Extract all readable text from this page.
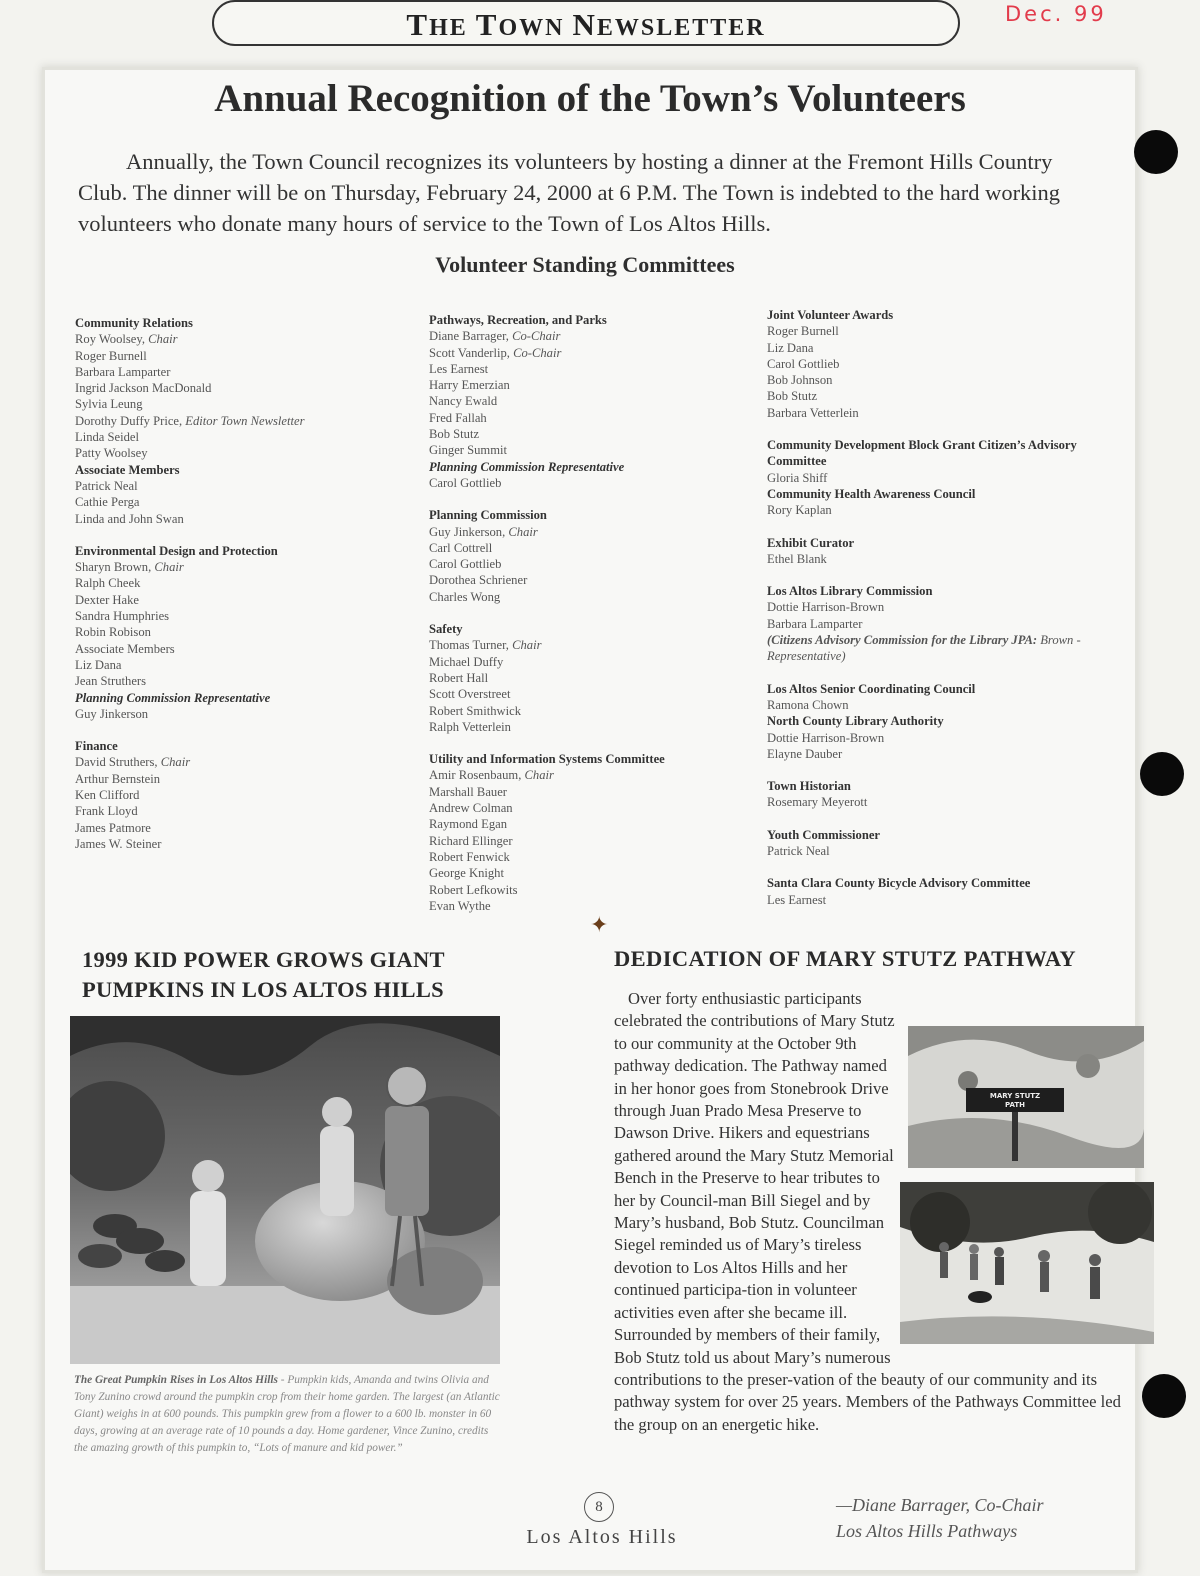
THE TOWN NEWSLETTER
Dec. 99
Annual Recognition of the Town’s Volunteers

Annually, the Town Council recognizes its volunteers by hosting a dinner at the Fremont Hills Country Club. The dinner will be on Thursday, February 24, 2000 at 6 P.M. The Town is indebted to the hard working volunteers who donate many hours of service to the Town of Los Altos Hills.

Volunteer Standing Committees
Community Relations
Roy Woolsey, Chair
Roger Burnell
Barbara Lamparter
Ingrid Jackson MacDonald
Sylvia Leung
Dorothy Duffy Price, Editor Town Newsletter
Linda Seidel
Patty Woolsey
Associate Members
Patrick Neal
Cathie Perga
Linda and John Swan
Environmental Design and Protection
Sharyn Brown, Chair
Ralph Cheek
Dexter Hake
Sandra Humphries
Robin Robison
Associate Members
Liz Dana
Jean Struthers
Planning Commission Representative
Guy Jinkerson
Finance
David Struthers, Chair
Arthur Bernstein
Ken Clifford
Frank Lloyd
James Patmore
James W. Steiner
Pathways, Recreation, and Parks
Diane Barrager, Co-Chair
Scott Vanderlip, Co-Chair
Les Earnest
Harry Emerzian
Nancy Ewald
Fred Fallah
Bob Stutz
Ginger Summit
Planning Commission Representative
Carol Gottlieb
Planning Commission
Guy Jinkerson, Chair
Carl Cottrell
Carol Gottlieb
Dorothea Schriener
Charles Wong
Safety
Thomas Turner, Chair
Michael Duffy
Robert Hall
Scott Overstreet
Robert Smithwick
Ralph Vetterlein
Utility and Information Systems Committee
Amir Rosenbaum, Chair
Marshall Bauer
Andrew Colman
Raymond Egan
Richard Ellinger
Robert Fenwick
George Knight
Robert Lefkowits
Evan Wythe
Joint Volunteer Awards
Roger Burnell
Liz Dana
Carol Gottlieb
Bob Johnson
Bob Stutz
Barbara Vetterlein
Community Development Block Grant Citizen’s Advisory
Committee
Gloria Shiff
Community Health Awareness Council
Rory Kaplan
Exhibit Curator
Ethel Blank
Los Altos Library Commission
Dottie Harrison-Brown
Barbara Lamparter
(Citizens Advisory Commission for the Library JPA: Brown - Representative)
Los Altos Senior Coordinating Council
Ramona Chown
North County Library Authority
Dottie Harrison-Brown
Elayne Dauber
Town Historian
Rosemary Meyerott
Youth Commissioner
Patrick Neal
Santa Clara County Bicycle Advisory Committee
Les Earnest
✦
1999 KID POWER GROWS GIANT PUMPKINS IN LOS ALTOS HILLS
The Great Pumpkin Rises in Los Altos Hills - Pumpkin kids, Amanda and twins Olivia and Tony Zunino crowd around the pumpkin crop from their home garden. The largest (an Atlantic Giant) weighs in at 600 pounds. This pumpkin grew from a flower to a 600 lb. monster in 60 days, growing at an average rate of 10 pounds a day. Home gardener, Vince Zunino, credits the amazing growth of this pumpkin to, “Lots of manure and kid power.”
DEDICATION OF MARY STUTZ PATHWAY
MARY STUTZ
PATH

Over forty enthusiastic participants celebrated the contributions of Mary Stutz to our community at the October 9th pathway dedication. The Pathway named in her honor goes from Stonebrook Drive through Juan Prado Mesa Preserve to Dawson Drive. Hikers and equestrians gathered around the Mary Stutz Memorial Bench in the Preserve to hear tributes to her by Council-man Bill Siegel and by Mary’s husband, Bob Stutz. Councilman Siegel reminded us of Mary’s tireless devotion to Los Altos Hills and her continued participa-tion in volunteer activities even after she became ill. Surrounded by members of their family, Bob Stutz told us about Mary’s numerous contributions to the preser-vation of the beauty of our community and its pathway system for over 25 years. Members of the Pathways Committee led the group on an energetic hike.

—Diane Barrager, Co-Chair
Los Altos Hills Pathways
8
Los Altos Hills
